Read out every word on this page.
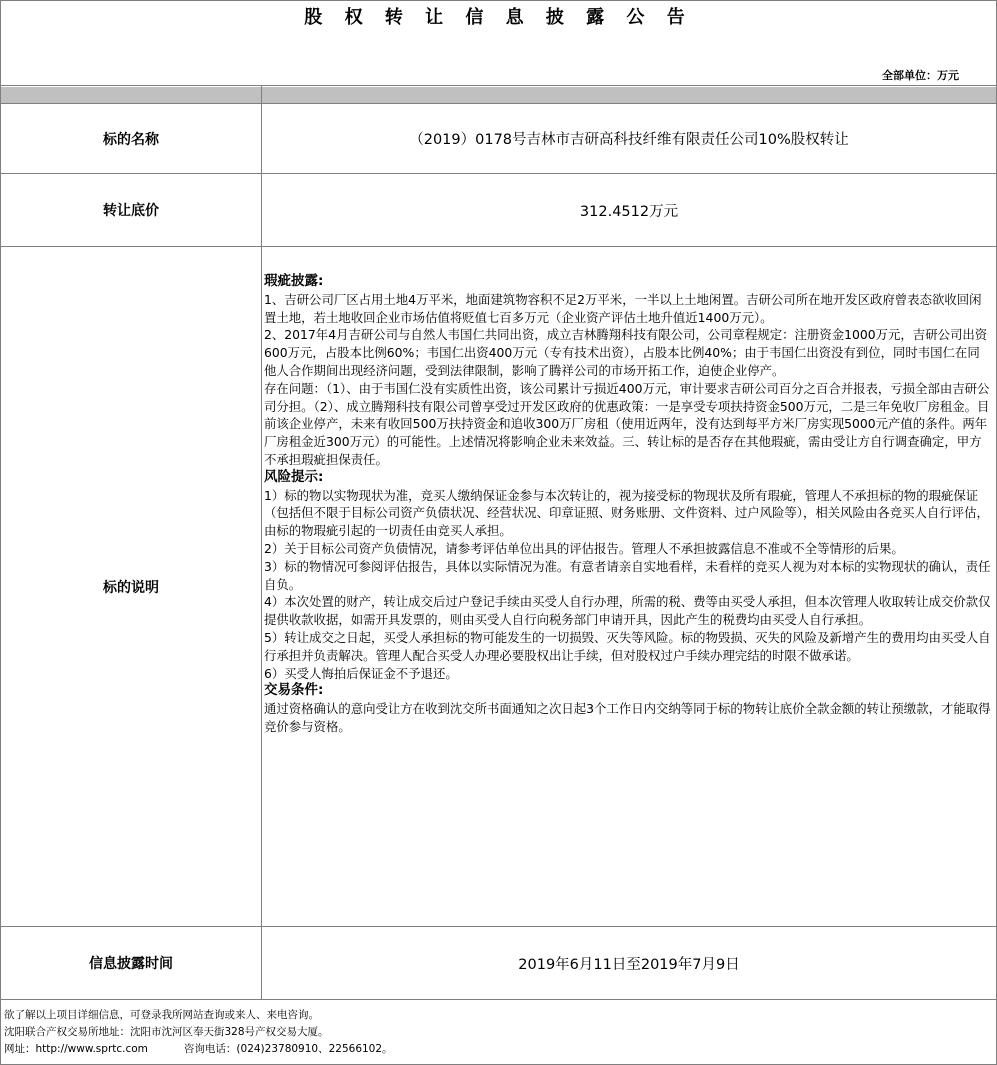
股 权 转 让 信 息 披 露 公 告
全部单位：万元
标的名称	（2019）0178号吉林市吉研高科技纤维有限责任公司10%股权转让
转让底价	312.4512万元
标的说明

瑕疵披露:

1、吉研公司厂区占用土地4万平米，地面建筑物容积不足2万平米，一半以上土地闲置。吉研公司所在地开发区政府曾表态欲收回闲置土地，若土地收回企业市场估值将贬值七百多万元（企业资产评估土地升值近1400万元）。

2、2017年4月吉研公司与自然人韦国仁共同出资，成立吉林腾翔科技有限公司，公司章程规定：注册资金1000万元，吉研公司出资600万元，占股本比例60%；韦国仁出资400万元（专有技术出资），占股本比例40%；由于韦国仁出资没有到位，同时韦国仁在同他人合作期间出现经济问题，受到法律限制，影响了腾祥公司的市场开拓工作，迫使企业停产。

存在问题：（1）、由于韦国仁没有实质性出资，该公司累计亏损近400万元，审计要求吉研公司百分之百合并报表，亏损全部由吉研公司分担。（2）、成立腾翔科技有限公司曾享受过开发区政府的优惠政策：一是享受专项扶持资金500万元，二是三年免收厂房租金。目前该企业停产，未来有收回500万扶持资金和追收300万厂房租（使用近两年，没有达到每平方米厂房实现5000元产值的条件。两年厂房租金近300万元）的可能性。上述情况将影响企业未来效益。三、转让标的是否存在其他瑕疵，需由受让方自行调查确定，甲方不承担瑕疵担保责任。

风险提示:

1）标的物以实物现状为准，竞买人缴纳保证金参与本次转让的，视为接受标的物现状及所有瑕疵，管理人不承担标的物的瑕疵保证（包括但不限于目标公司资产负债状况、经营状况、印章证照、财务账册、文件资料、过户风险等），相关风险由各竞买人自行评估，由标的物瑕疵引起的一切责任由竞买人承担。

2）关于目标公司资产负债情况，请参考评估单位出具的评估报告。管理人不承担披露信息不准或不全等情形的后果。

3）标的物情况可参阅评估报告，具体以实际情况为准。有意者请亲自实地看样，未看样的竞买人视为对本标的实物现状的确认，责任自负。

4）本次处置的财产，转让成交后过户登记手续由买受人自行办理，所需的税、费等由买受人承担，但本次管理人收取转让成交价款仅提供收款收据，如需开具发票的，则由买受人自行向税务部门申请开具，因此产生的税费均由买受人自行承担。

5）转让成交之日起，买受人承担标的物可能发生的一切损毁、灭失等风险。标的物毁损、灭失的风险及新增产生的费用均由买受人自行承担并负责解决。管理人配合买受人办理必要股权出让手续，但对股权过户手续办理完结的时限不做承诺。

6）买受人悔拍后保证金不予退还。

交易条件:

通过资格确认的意向受让方在收到沈交所书面通知之次日起3个工作日内交纳等同于标的物转让底价全款金额的转让预缴款，才能取得竞价参与资格。

信息披露时间	2019年6月11日至2019年7月9日
欲了解以上项目详细信息，可登录我所网站查询或来人、来电咨询。
沈阳联合产权交易所地址：沈阳市沈河区奉天街328号产权交易大厦。
网址：http://www.sprtc.com	咨询电话：(024)23780910、22566102。
